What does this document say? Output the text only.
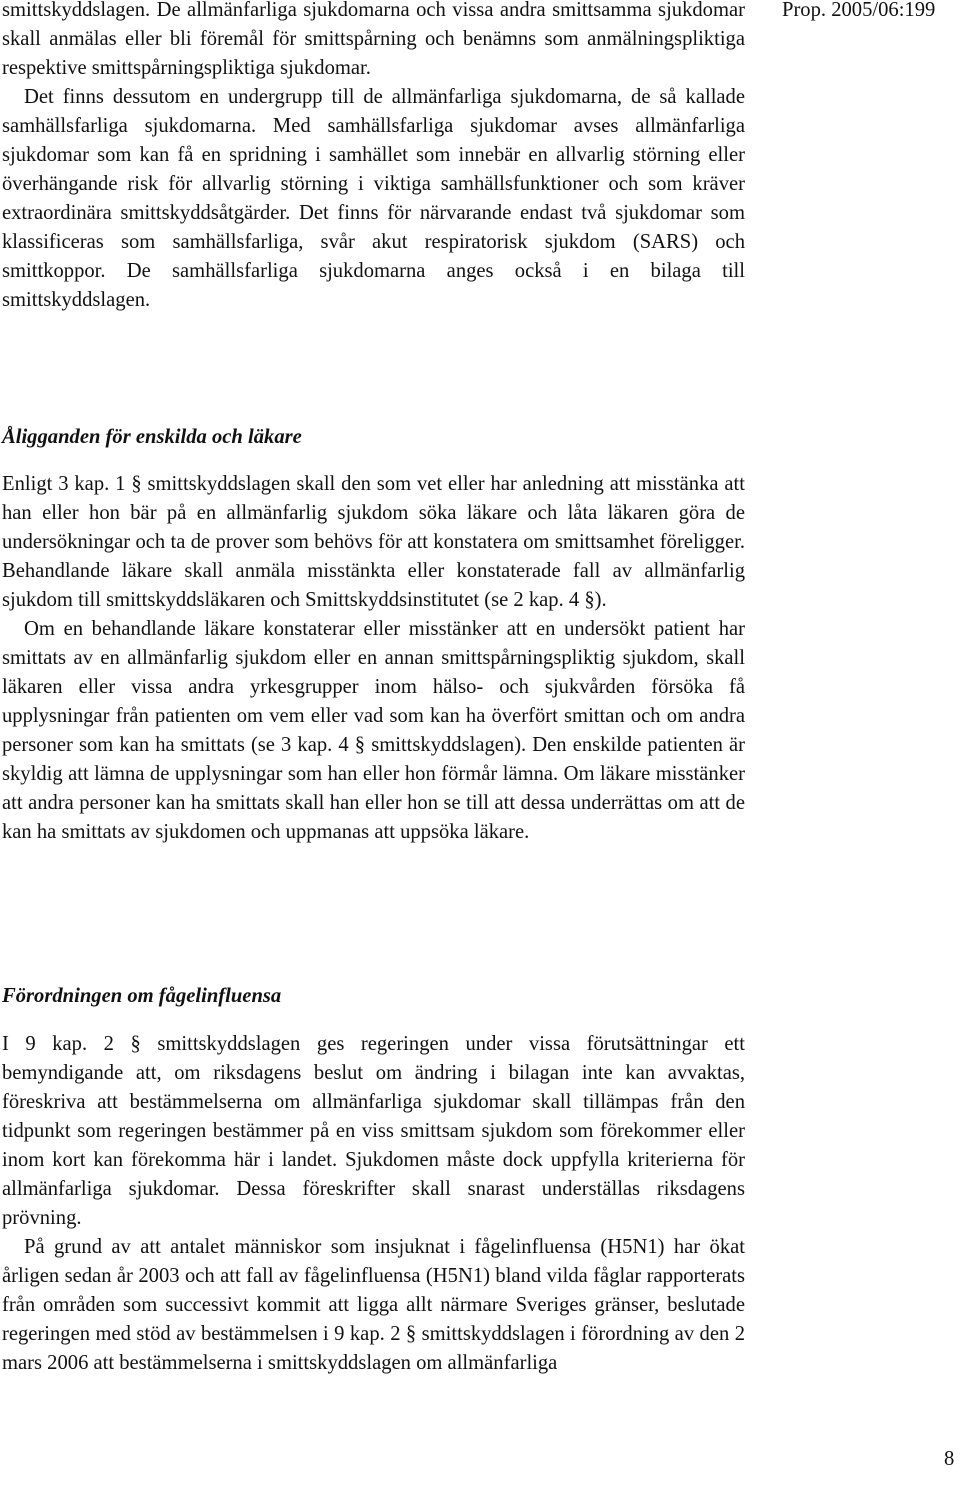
Prop. 2005/06:199

smittskyddslagen. De allmänfarliga sjukdomarna och vissa andra smittsamma sjukdomar skall anmälas eller bli föremål för smittspårning och benämns som anmälningspliktiga respektive smittspårningspliktiga sjukdomar.

Det finns dessutom en undergrupp till de allmänfarliga sjukdomarna, de så kallade samhällsfarliga sjukdomarna. Med samhällsfarliga sjukdomar avses allmänfarliga sjukdomar som kan få en spridning i samhället som innebär en allvarlig störning eller överhängande risk för allvarlig störning i viktiga samhällsfunktioner och som kräver extraordinära smittskyddsåtgärder. Det finns för närvarande endast två sjukdomar som klassificeras som samhällsfarliga, svår akut respiratorisk sjukdom (SARS) och smittkoppor. De samhällsfarliga sjukdomarna anges också i en bilaga till smittskyddslagen.

Åligganden för enskilda och läkare

Enligt 3 kap. 1 § smittskyddslagen skall den som vet eller har anledning att misstänka att han eller hon bär på en allmänfarlig sjukdom söka läkare och låta läkaren göra de undersökningar och ta de prover som behövs för att konstatera om smittsamhet föreligger. Behandlande läkare skall anmäla misstänkta eller konstaterade fall av allmänfarlig sjukdom till smittskyddsläkaren och Smittskyddsinstitutet (se 2 kap. 4 §).

Om en behandlande läkare konstaterar eller misstänker att en undersökt patient har smittats av en allmänfarlig sjukdom eller en annan smittspårningspliktig sjukdom, skall läkaren eller vissa andra yrkesgrupper inom hälso- och sjukvården försöka få upplysningar från patienten om vem eller vad som kan ha överfört smittan och om andra personer som kan ha smittats (se 3 kap. 4 § smittskyddslagen). Den enskilde patienten är skyldig att lämna de upplysningar som han eller hon förmår lämna. Om läkare misstänker att andra personer kan ha smittats skall han eller hon se till att dessa underrättas om att de kan ha smittats av sjukdomen och uppmanas att uppsöka läkare.

Förordningen om fågelinfluensa

I 9 kap. 2 § smittskyddslagen ges regeringen under vissa förutsättningar ett bemyndigande att, om riksdagens beslut om ändring i bilagan inte kan avvaktas, föreskriva att bestämmelserna om allmänfarliga sjukdomar skall tillämpas från den tidpunkt som regeringen bestämmer på en viss smittsam sjukdom som förekommer eller inom kort kan förekomma här i landet. Sjukdomen måste dock uppfylla kriterierna för allmänfarliga sjukdomar. Dessa föreskrifter skall snarast underställas riksdagens prövning.

På grund av att antalet människor som insjuknat i fågelinfluensa (H5N1) har ökat årligen sedan år 2003 och att fall av fågelinfluensa (H5N1) bland vilda fåglar rapporterats från områden som successivt kommit att ligga allt närmare Sveriges gränser, beslutade regeringen med stöd av bestämmelsen i 9 kap. 2 § smittskyddslagen i förordning av den 2 mars 2006 att bestämmelserna i smittskyddslagen om allmänfarliga

8
